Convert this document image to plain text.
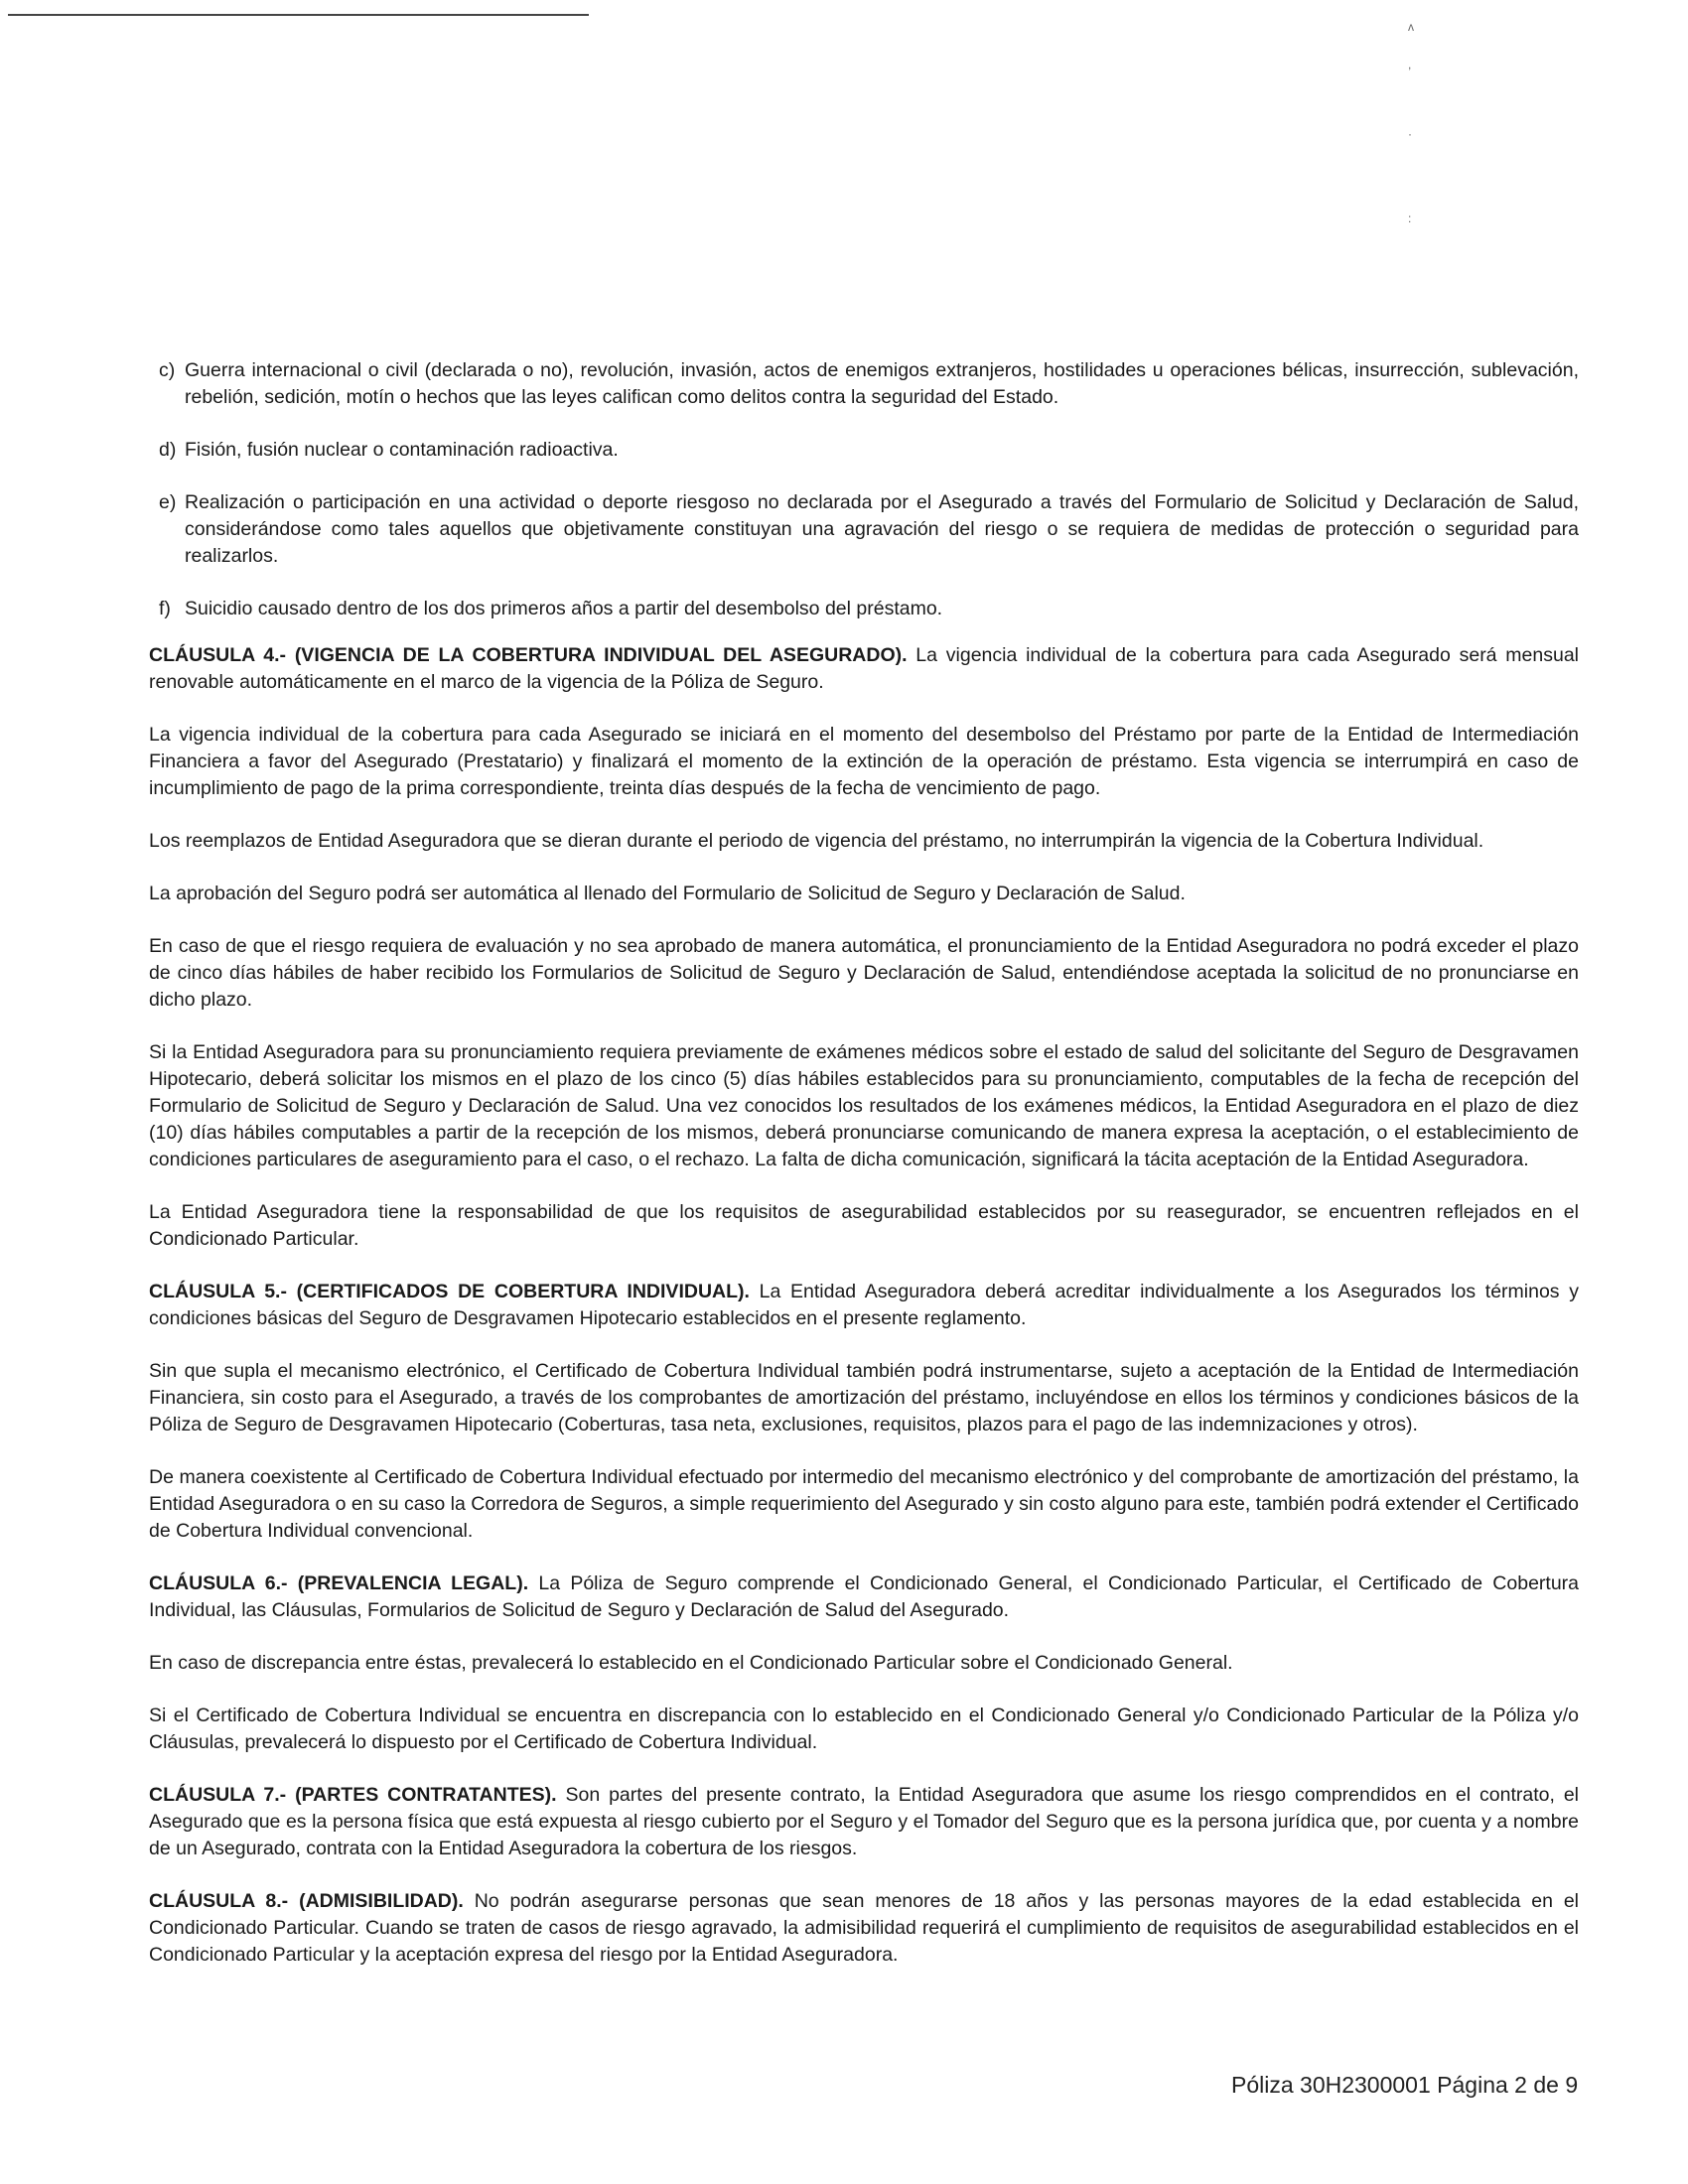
ʌ
,
·
:
c) Guerra internacional o civil (declarada o no), revolución, invasión, actos de enemigos extranjeros, hostilidades u operaciones bélicas, insurrección, sublevación, rebelión, sedición, motín o hechos que las leyes califican como delitos contra la seguridad del Estado.
d) Fisión, fusión nuclear o contaminación radioactiva.
e) Realización o participación en una actividad o deporte riesgoso no declarada por el Asegurado a través del Formulario de Solicitud y Declaración de Salud, considerándose como tales aquellos que objetivamente constituyan una agravación del riesgo o se requiera de medidas de protección o seguridad para realizarlos.
f) Suicidio causado dentro de los dos primeros años a partir del desembolso del préstamo.

CLÁUSULA 4.- (VIGENCIA DE LA COBERTURA INDIVIDUAL DEL ASEGURADO). La vigencia individual de la cobertura para cada Asegurado será mensual renovable automáticamente en el marco de la vigencia de la Póliza de Seguro.

La vigencia individual de la cobertura para cada Asegurado se iniciará en el momento del desembolso del Préstamo por parte de la Entidad de Intermediación Financiera a favor del Asegurado (Prestatario) y finalizará el momento de la extinción de la operación de préstamo. Esta vigencia se interrumpirá en caso de incumplimiento de pago de la prima correspondiente, treinta días después de la fecha de vencimiento de pago.

Los reemplazos de Entidad Aseguradora que se dieran durante el periodo de vigencia del préstamo, no interrumpirán la vigencia de la Cobertura Individual.

La aprobación del Seguro podrá ser automática al llenado del Formulario de Solicitud de Seguro y Declaración de Salud.

En caso de que el riesgo requiera de evaluación y no sea aprobado de manera automática, el pronunciamiento de la Entidad Aseguradora no podrá exceder el plazo de cinco días hábiles de haber recibido los Formularios de Solicitud de Seguro y Declaración de Salud, entendiéndose aceptada la solicitud de no pronunciarse en dicho plazo.

Si la Entidad Aseguradora para su pronunciamiento requiera previamente de exámenes médicos sobre el estado de salud del solicitante del Seguro de Desgravamen Hipotecario, deberá solicitar los mismos en el plazo de los cinco (5) días hábiles establecidos para su pronunciamiento, computables de la fecha de recepción del Formulario de Solicitud de Seguro y Declaración de Salud. Una vez conocidos los resultados de los exámenes médicos, la Entidad Aseguradora en el plazo de diez (10) días hábiles computables a partir de la recepción de los mismos, deberá pronunciarse comunicando de manera expresa la aceptación, o el establecimiento de condiciones particulares de aseguramiento para el caso, o el rechazo. La falta de dicha comunicación, significará la tácita aceptación de la Entidad Aseguradora.

La Entidad Aseguradora tiene la responsabilidad de que los requisitos de asegurabilidad establecidos por su reasegurador, se encuentren reflejados en el Condicionado Particular.

CLÁUSULA 5.- (CERTIFICADOS DE COBERTURA INDIVIDUAL). La Entidad Aseguradora deberá acreditar individualmente a los Asegurados los términos y condiciones básicas del Seguro de Desgravamen Hipotecario establecidos en el presente reglamento.

Sin que supla el mecanismo electrónico, el Certificado de Cobertura Individual también podrá instrumentarse, sujeto a aceptación de la Entidad de Intermediación Financiera, sin costo para el Asegurado, a través de los comprobantes de amortización del préstamo, incluyéndose en ellos los términos y condiciones básicos de la Póliza de Seguro de Desgravamen Hipotecario (Coberturas, tasa neta, exclusiones, requisitos, plazos para el pago de las indemnizaciones y otros).

De manera coexistente al Certificado de Cobertura Individual efectuado por intermedio del mecanismo electrónico y del comprobante de amortización del préstamo, la Entidad Aseguradora o en su caso la Corredora de Seguros, a simple requerimiento del Asegurado y sin costo alguno para este, también podrá extender el Certificado de Cobertura Individual convencional.

CLÁUSULA 6.- (PREVALENCIA LEGAL). La Póliza de Seguro comprende el Condicionado General, el Condicionado Particular, el Certificado de Cobertura Individual, las Cláusulas, Formularios de Solicitud de Seguro y Declaración de Salud del Asegurado.

En caso de discrepancia entre éstas, prevalecerá lo establecido en el Condicionado Particular sobre el Condicionado General.

Si el Certificado de Cobertura Individual se encuentra en discrepancia con lo establecido en el Condicionado General y/o Condicionado Particular de la Póliza y/o Cláusulas, prevalecerá lo dispuesto por el Certificado de Cobertura Individual.

CLÁUSULA 7.- (PARTES CONTRATANTES). Son partes del presente contrato, la Entidad Aseguradora que asume los riesgo comprendidos en el contrato, el Asegurado que es la persona física que está expuesta al riesgo cubierto por el Seguro y el Tomador del Seguro que es la persona jurídica que, por cuenta y a nombre de un Asegurado, contrata con la Entidad Aseguradora la cobertura de los riesgos.

CLÁUSULA 8.- (ADMISIBILIDAD). No podrán asegurarse personas que sean menores de 18 años y las personas mayores de la edad establecida en el Condicionado Particular. Cuando se traten de casos de riesgo agravado, la admisibilidad requerirá el cumplimiento de requisitos de asegurabilidad establecidos en el Condicionado Particular y la aceptación expresa del riesgo por la Entidad Aseguradora.

Póliza 30H2300001 Página 2 de 9
